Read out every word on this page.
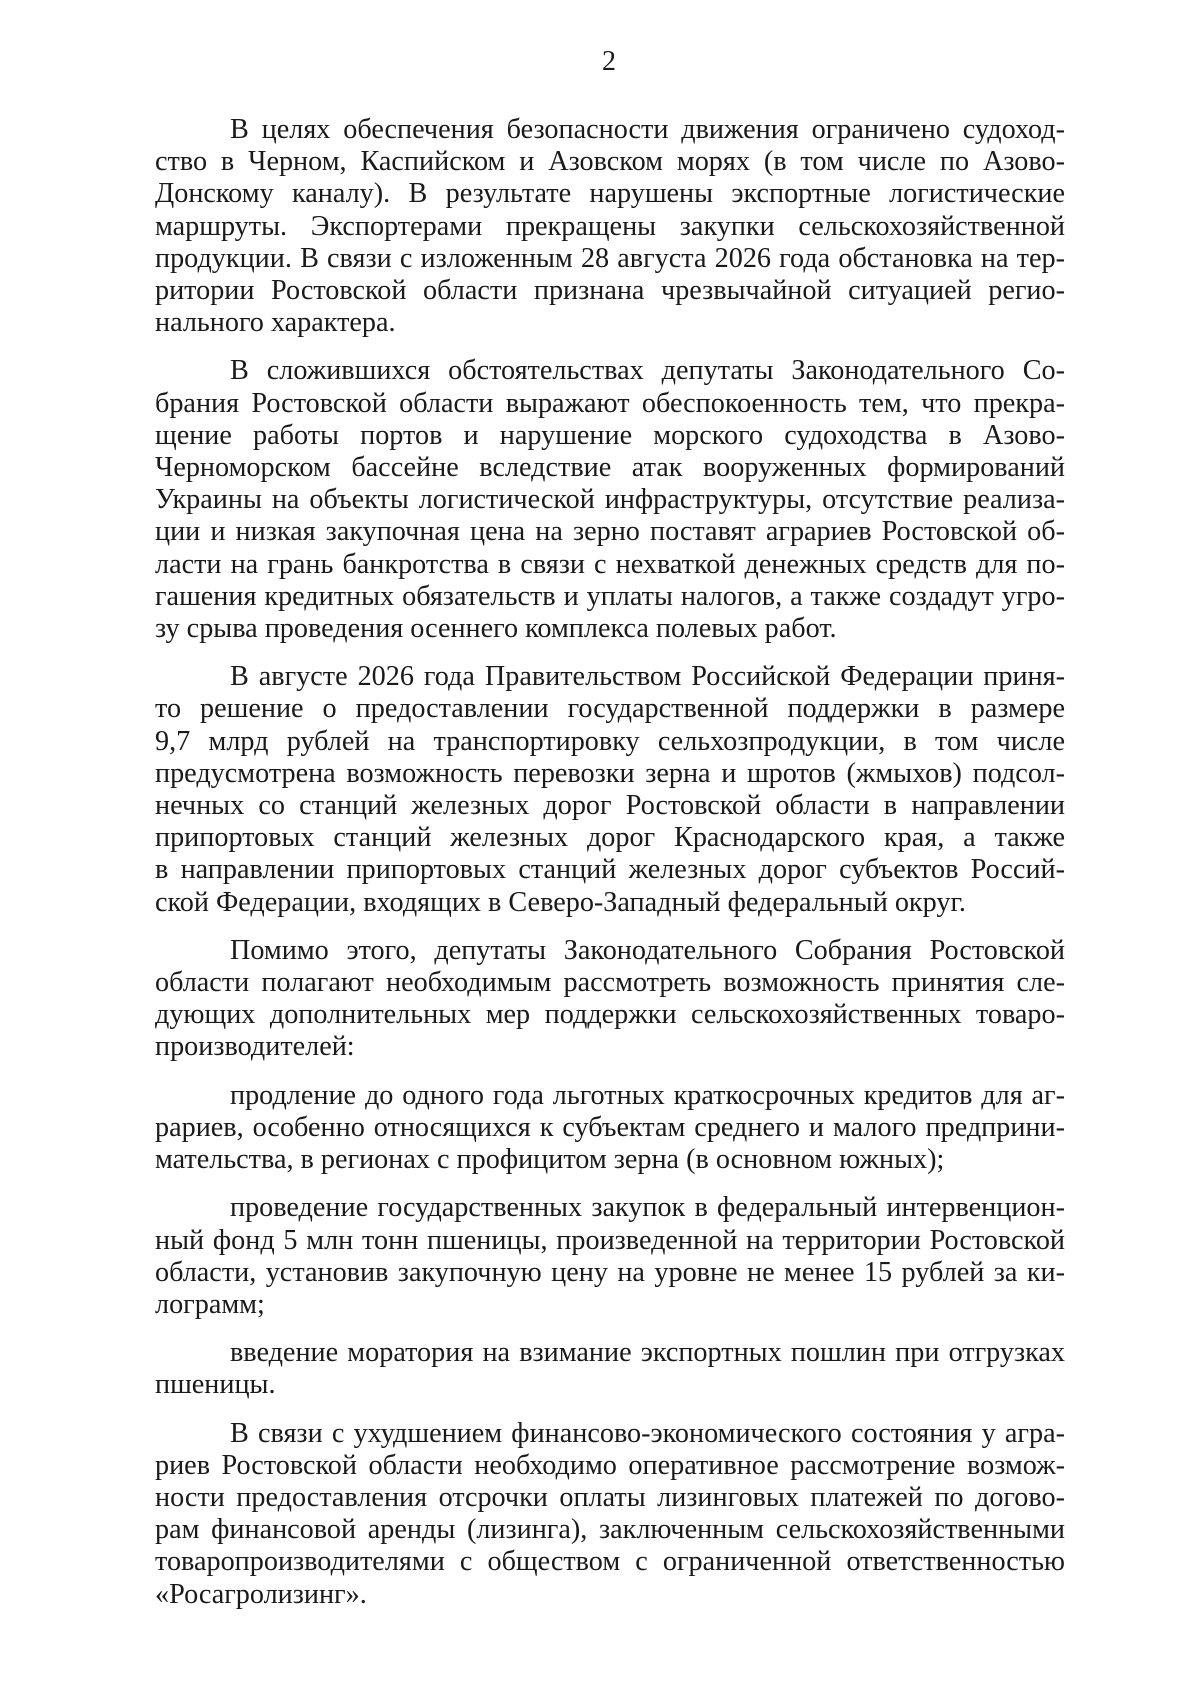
2
В целях обеспечения безопасности движения ограничено судоход-
ство в Черном, Каспийском и Азовском морях (в том числе по Азово-
Донскому каналу). В результате нарушены экспортные логистические
маршруты. Экспортерами прекращены закупки сельскохозяйственной
продукции. В связи с изложенным 28 августа 2026 года обстановка на тер-
ритории Ростовской области признана чрезвычайной ситуацией регио-
нального характера.
В сложившихся обстоятельствах депутаты Законодательного Со-
брания Ростовской области выражают обеспокоенность тем, что прекра-
щение работы портов и нарушение морского судоходства в Азово-
Черноморском бассейне вследствие атак вооруженных формирований
Украины на объекты логистической инфраструктуры, отсутствие реализа-
ции и низкая закупочная цена на зерно поставят аграриев Ростовской об-
ласти на грань банкротства в связи с нехваткой денежных средств для по-
гашения кредитных обязательств и уплаты налогов, а также создадут угро-
зу срыва проведения осеннего комплекса полевых работ.
В августе 2026 года Правительством Российской Федерации приня-
то решение о предоставлении государственной поддержки в размере
9,7 млрд рублей на транспортировку сельхозпродукции, в том числе
предусмотрена возможность перевозки зерна и шротов (жмыхов) подсол-
нечных со станций железных дорог Ростовской области в направлении
припортовых станций железных дорог Краснодарского края, а также
в направлении припортовых станций железных дорог субъектов Россий-
ской Федерации, входящих в Северо-Западный федеральный округ.
Помимо этого, депутаты Законодательного Собрания Ростовской
области полагают необходимым рассмотреть возможность принятия сле-
дующих дополнительных мер поддержки сельскохозяйственных товаро-
производителей:
продление до одного года льготных краткосрочных кредитов для аг-
рариев, особенно относящихся к субъектам среднего и малого предприни-
мательства, в регионах с профицитом зерна (в основном южных);
проведение государственных закупок в федеральный интервенцион-
ный фонд 5 млн тонн пшеницы, произведенной на территории Ростовской
области, установив закупочную цену на уровне не менее 15 рублей за ки-
лограмм;
введение моратория на взимание экспортных пошлин при отгрузках
пшеницы.
В связи с ухудшением финансово-экономического состояния у агра-
риев Ростовской области необходимо оперативное рассмотрение возмож-
ности предоставления отсрочки оплаты лизинговых платежей по догово-
рам финансовой аренды (лизинга), заключенным сельскохозяйственными
товаропроизводителями с обществом с ограниченной ответственностью
«Росагролизинг».
